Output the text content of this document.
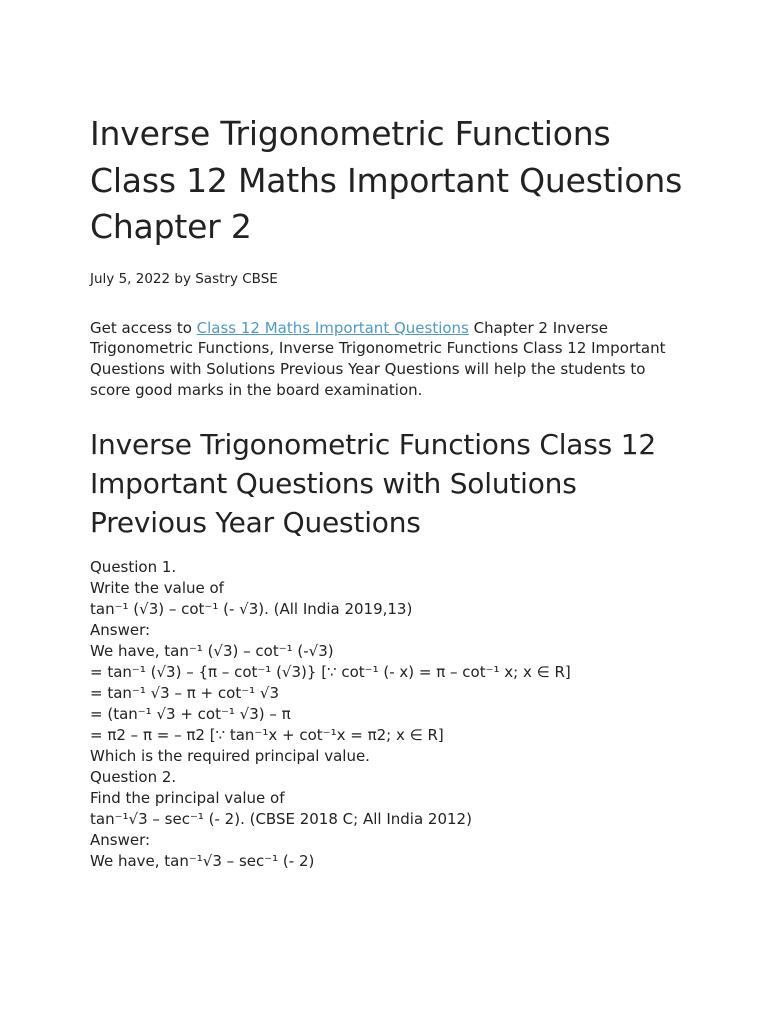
Inverse Trigonometric Functions Class 12 Maths Important Questions Chapter 2
July 5, 2022 by Sastry CBSE

Get access to Class 12 Maths Important Questions Chapter 2 Inverse Trigonometric Functions, Inverse Trigonometric Functions Class 12 Important Questions with Solutions Previous Year Questions will help the students to score good marks in the board examination.

Inverse Trigonometric Functions Class 12 Important Questions with Solutions Previous Year Questions
Question 1.
Write the value of
tan⁻¹ (√3) – cot⁻¹ (- √3). (All India 2019,13)
Answer:
We have, tan⁻¹ (√3) – cot⁻¹ (-√3)
= tan⁻¹ (√3) – {π – cot⁻¹ (√3)} [∵ cot⁻¹ (- x) = π – cot⁻¹ x; x ∈ R]
= tan⁻¹ √3 – π + cot⁻¹ √3
= (tan⁻¹ √3 + cot⁻¹ √3) – π
= π2 – π = – π2 [∵ tan⁻¹x + cot⁻¹x = π2; x ∈ R]
Which is the required principal value.
Question 2.
Find the principal value of
tan⁻¹√3 – sec⁻¹ (- 2). (CBSE 2018 C; All India 2012)
Answer:
We have, tan⁻¹√3 – sec⁻¹ (- 2)
